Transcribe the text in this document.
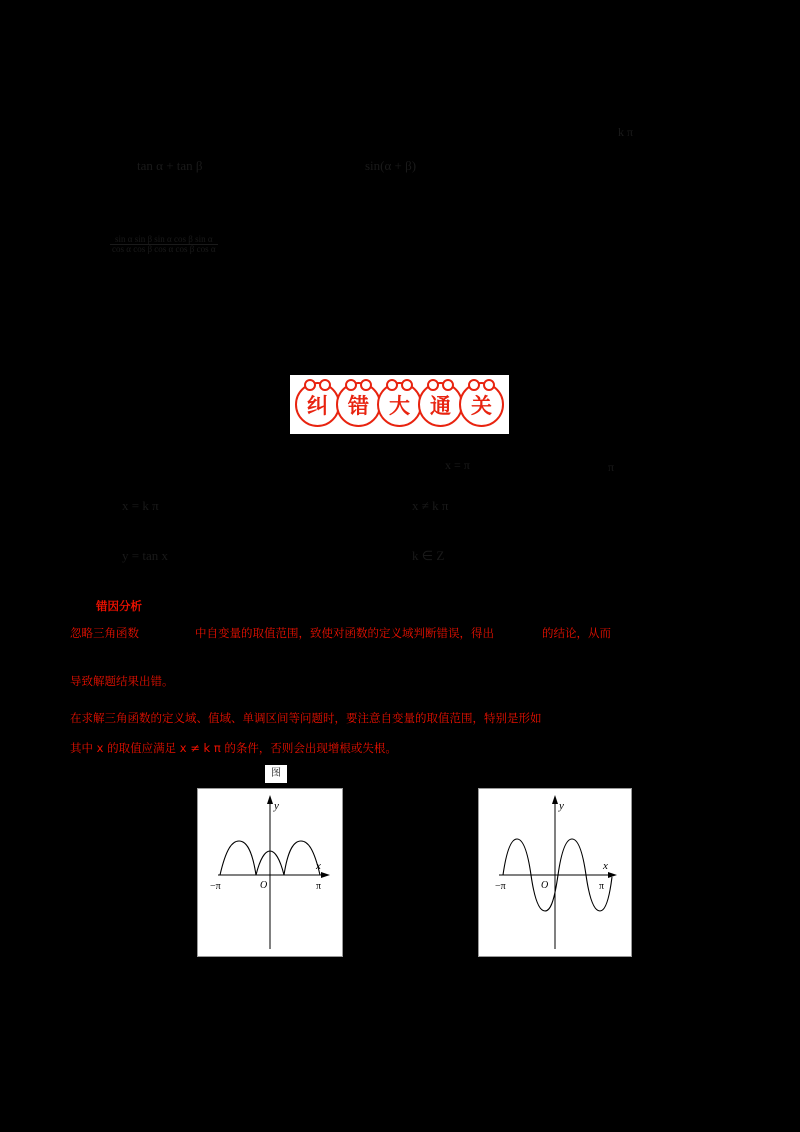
tan α + tan β	sin(α + β)
k π
$\frac{\text{sin α sin β sin α cos β sin α}}{\text{cos α cos β cos α cos β cos α}}$
纠 错 大 通 关
x = π	π
x = k π
y = tan x
x ≠ k π
k ∈ Z
错因分析
忽略三角函数	中自变量的取值范围，致使对函数的定义域判断错误，得出	的结论，从而
导致解题结果出错。
在求解三角函数的定义域、值域、单调区间等问题时，要注意自变量的取值范围，特别是形如
其中 x 的取值应满足 x ≠ k π 的条件，否则会出现增根或失根。
图
y
x
O
−π	π
y
x
O
−π	π
